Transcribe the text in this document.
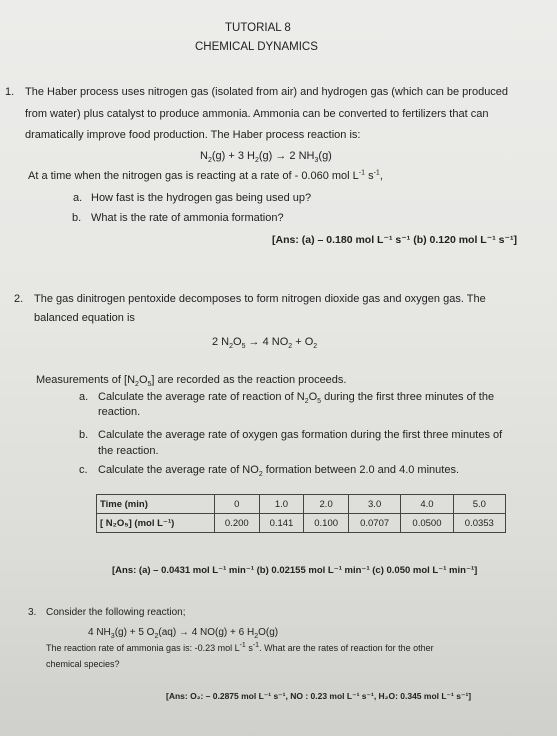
TUTORIAL 8
CHEMICAL DYNAMICS
1. The Haber process uses nitrogen gas (isolated from air) and hydrogen gas (which can be produced
from water) plus catalyst to produce ammonia. Ammonia can be converted to fertilizers that can
dramatically improve food production. The Haber process reaction is:
$N_2(g) + 3$ $H_2(g) \to 2$ $NH_3(g)$
At a time when the nitrogen gas is reacting at a rate of - 0.060 mol $L^{-1}$ $s^{-1}$,
a. How fast is the hydrogen gas being used up?
b. What is the rate of ammonia formation?
[Ans: (a) – 0.180 mol L⁻¹ s⁻¹ (b) 0.120 mol L⁻¹ s⁻¹]
2. The gas dinitrogen pentoxide decomposes to form nitrogen dioxide gas and oxygen gas. The
balanced equation is
2 $N_2O_5 \to 4$ $NO_2 + O_2$
Measurements of $[N_2O_5]$ are recorded as the reaction proceeds.
a. Calculate the average rate of reaction of $N_2O_5$ during the first three minutes of the
reaction.
b. Calculate the average rate of oxygen gas formation during the first three minutes of
the reaction.
c. Calculate the average rate of $NO_2$ formation between 2.0 and 4.0 minutes.
Time (min)	0	1.0	2.0	3.0	4.0	5.0
[ N₂O₅] (mol L⁻¹)	0.200	0.141	0.100	0.0707	0.0500	0.0353
[Ans: (a) – 0.0431 mol L⁻¹ min⁻¹ (b) 0.02155 mol L⁻¹ min⁻¹ (c) 0.050 mol L⁻¹ min⁻¹]
3. Consider the following reaction;
4 $NH_3(g) + 5$ $O_2(aq) \to 4$ NO(g) + 6 $H_2O(g)$
The reaction rate of ammonia gas is: -0.23 mol $L^{-1}$ $s^{-1}$. What are the rates of reaction for the other
chemical species?
[Ans: O₂: – 0.2875 mol L⁻¹ s⁻¹, NO : 0.23 mol L⁻¹ s⁻¹, H₂O: 0.345 mol L⁻¹ s⁻¹]
